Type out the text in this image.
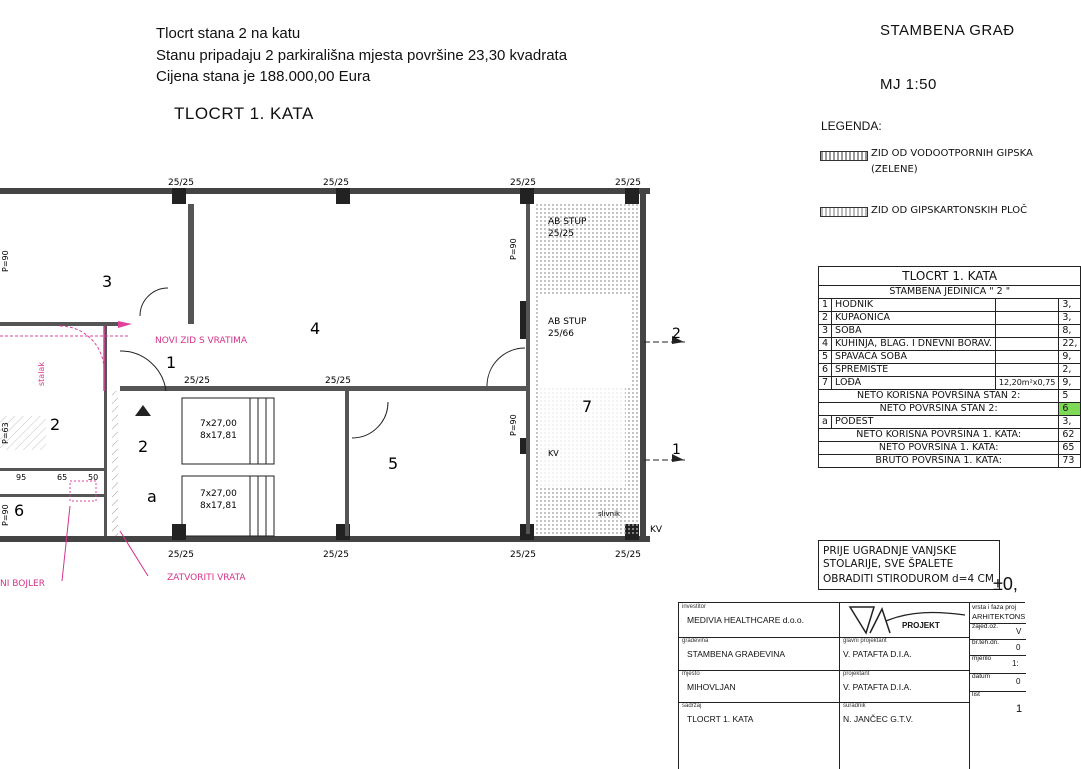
Tlocrt stana 2 na katu
Stanu pripadaju 2 parkirališna mjesta površine 23,30 kvadrata
Cijena stana je 188.000,00 Eura
TLOCRT 1. KATA
STAMBENA GRAĐ
MJ 1:50
LEGENDA:
ZID OD VODOOTPORNIH GIPSKA
(ZELENE)
ZID OD GIPSKARTONSKIH PLOČ
TLOCRT 1. KATA			
STAMBENA JEDINICA " 2 "			
1	HODNIK		3,
2	KUPAONICA		3,
3	SOBA		8,
4	KUHINJA, BLAG. I DNEVNI BORAV.		22,
5	SPAVAĆA SOBA		9,
6	SPREMIŠTE		2,
7	LOĐA	12,20m²x0,75	9,
NETO KORISNA POVRŠINA STAN 2:			5
NETO POVRŠINA STAN 2:			6
a	PODEST		3,
NETO KORISNA POVRŠINA 1. KATA:			62
NETO POVRŠINA 1. KATA:			65
BRUTO POVRŠINA 1. KATA:			73
PRIJE UGRADNJE VANJSKE
STOLARIJE, SVE ŠPALETE
OBRADITI STIRODUROM d=4 CM ±0,
investitor
MEDIVIA HEALTHCARE d.o.o.
građevina
STAMBENA GRAĐEVINA
mjesto
MIHOVLJAN
sadržaj
TLOCRT 1. KATA
PROJEKT
glavni projektant
V. PATAFTA D.I.A.
projektant
V. PATAFTA D.I.A.
suradnik
N. JANČEC G.T.V.
vrsta i faza proj
ARHITEKTONS
zajed.oz.
V
br.teh.dn.
0
mjerilo
1:
datum
0
list
1
25/25	25/25	25/25	25/25
25/25	25/25
25/25	25/25	25/25	25/25
3
4
1
2
5
6
a
7
2
P=90
P=90
P=90
P=90
P=63
stalak
AB STUP
25/25
AB STUP
25/66
7x27,00
8x17,81
7x27,00
8x17,81
95	65	50
NOVI ZID S VRATIMA
ZATVORITI VRATA
NI BOJLER
KV
KV
slivnik
2
1
